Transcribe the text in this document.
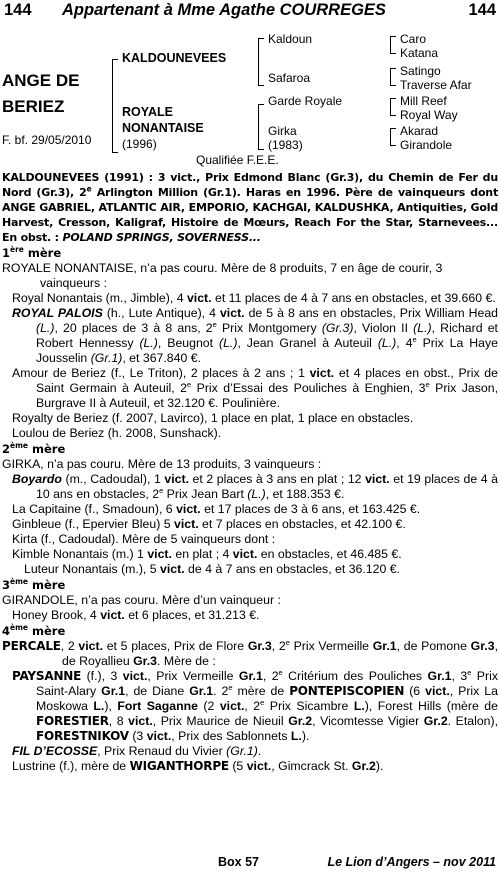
144 Appartenant à Mme Agathe COURREGES	144
ANGE DE
BERIEZ
F. bf. 29/05/2010
KALDOUNEVEES
ROYALE
NONANTAISE
(1996)
Kaldoun
Safaroa
Garde Royale
Girka
(1983)
Caro
Katana
Satingo
Traverse Afar
Mill Reef
Royal Way
Akarad
Girandole
Qualifiée F.E.E.

KALDOUNEVEES (1991) : 3 vict., Prix Edmond Blanc (Gr.3), du Chemin de Fer du Nord (Gr.3), 2e Arlington Million (Gr.1). Haras en 1996. Père de vainqueurs dont ANGE GABRIEL, ATLANTIC AIR, EMPORIO, KACHGAI, KALDUSHKA, Antiquities, Gold Harvest, Cresson, Kaligraf, Histoire de Mœurs, Reach For the Star, Starnevees... En obst. : POLAND SPRINGS, SOVERNESS...

1ère mère

ROYALE NONANTAISE, n’a pas couru. Mère de 8 produits, 7 en âge de courir, 3 vainqueurs :

Royal Nonantais (m., Jimble), 4 vict. et 11 places de 4 à 7 ans en obstacles, et 39.660 €.

ROYAL PALOIS (h., Lute Antique), 4 vict. de 5 à 8 ans en obstacles, Prix William Head (L.), 20 places de 3 à 8 ans, 2e Prix Montgomery (Gr.3), Violon II (L.), Richard et Robert Hennessy (L.), Beugnot (L.), Jean Granel à Auteuil (L.), 4e Prix La Haye Jousselin (Gr.1), et 367.840 €.

Amour de Beriez (f., Le Triton), 2 places à 2 ans ; 1 vict. et 4 places en obst., Prix de Saint Germain à Auteuil, 2e Prix d’Essai des Pouliches à Enghien, 3e Prix Jason, Burgrave II à Auteuil, et 32.120 €. Poulinière.

Royalty de Beriez (f. 2007, Lavirco), 1 place en plat, 1 place en obstacles.

Loulou de Beriez (h. 2008, Sunshack).

2ème mère

GIRKA, n’a pas couru. Mère de 13 produits, 3 vainqueurs :

Boyardo (m., Cadoudal), 1 vict. et 2 places à 3 ans en plat ; 12 vict. et 19 places de 4 à 10 ans en obstacles, 2e Prix Jean Bart (L.), et 188.353 €.

La Capitaine (f., Smadoun), 6 vict. et 17 places de 3 à 6 ans, et 163.425 €.

Ginbleue (f., Epervier Bleu) 5 vict. et 7 places en obstacles, et 42.100 €.

Kirta (f., Cadoudal). Mère de 5 vainqueurs dont :

Kimble Nonantais (m.) 1 vict. en plat ; 4 vict. en obstacles, et 46.485 €.

Luteur Nonantais (m.), 5 vict. de 4 à 7 ans en obstacles, et 36.120 €.

3ème mère

GIRANDOLE, n’a pas couru. Mère d’un vainqueur :

Honey Brook, 4 vict. et 6 places, et 31.213 €.

4ème mère

PERCALE, 2 vict. et 5 places, Prix de Flore Gr.3, 2e Prix Vermeille Gr.1, de Pomone Gr.3, de Royallieu Gr.3. Mère de :

PAYSANNE (f.), 3 vict., Prix Vermeille Gr.1, 2e Critérium des Pouliches Gr.1, 3e Prix Saint-Alary Gr.1, de Diane Gr.1. 2e mère de PONTEPISCOPIEN (6 vict., Prix La Moskowa L.), Fort Saganne (2 vict., 2e Prix Sicambre L.), Forest Hills (mère de FORESTIER, 8 vict., Prix Maurice de Nieuil Gr.2, Vicomtesse Vigier Gr.2. Etalon), FORESTNIKOV (3 vict., Prix des Sablonnets L.).

FIL D’ECOSSE, Prix Renaud du Vivier (Gr.1).

Lustrine (f.), mère de WIGANTHORPE (5 vict., Gimcrack St. Gr.2).

Box 57	Le Lion d’Angers – nov 2011
